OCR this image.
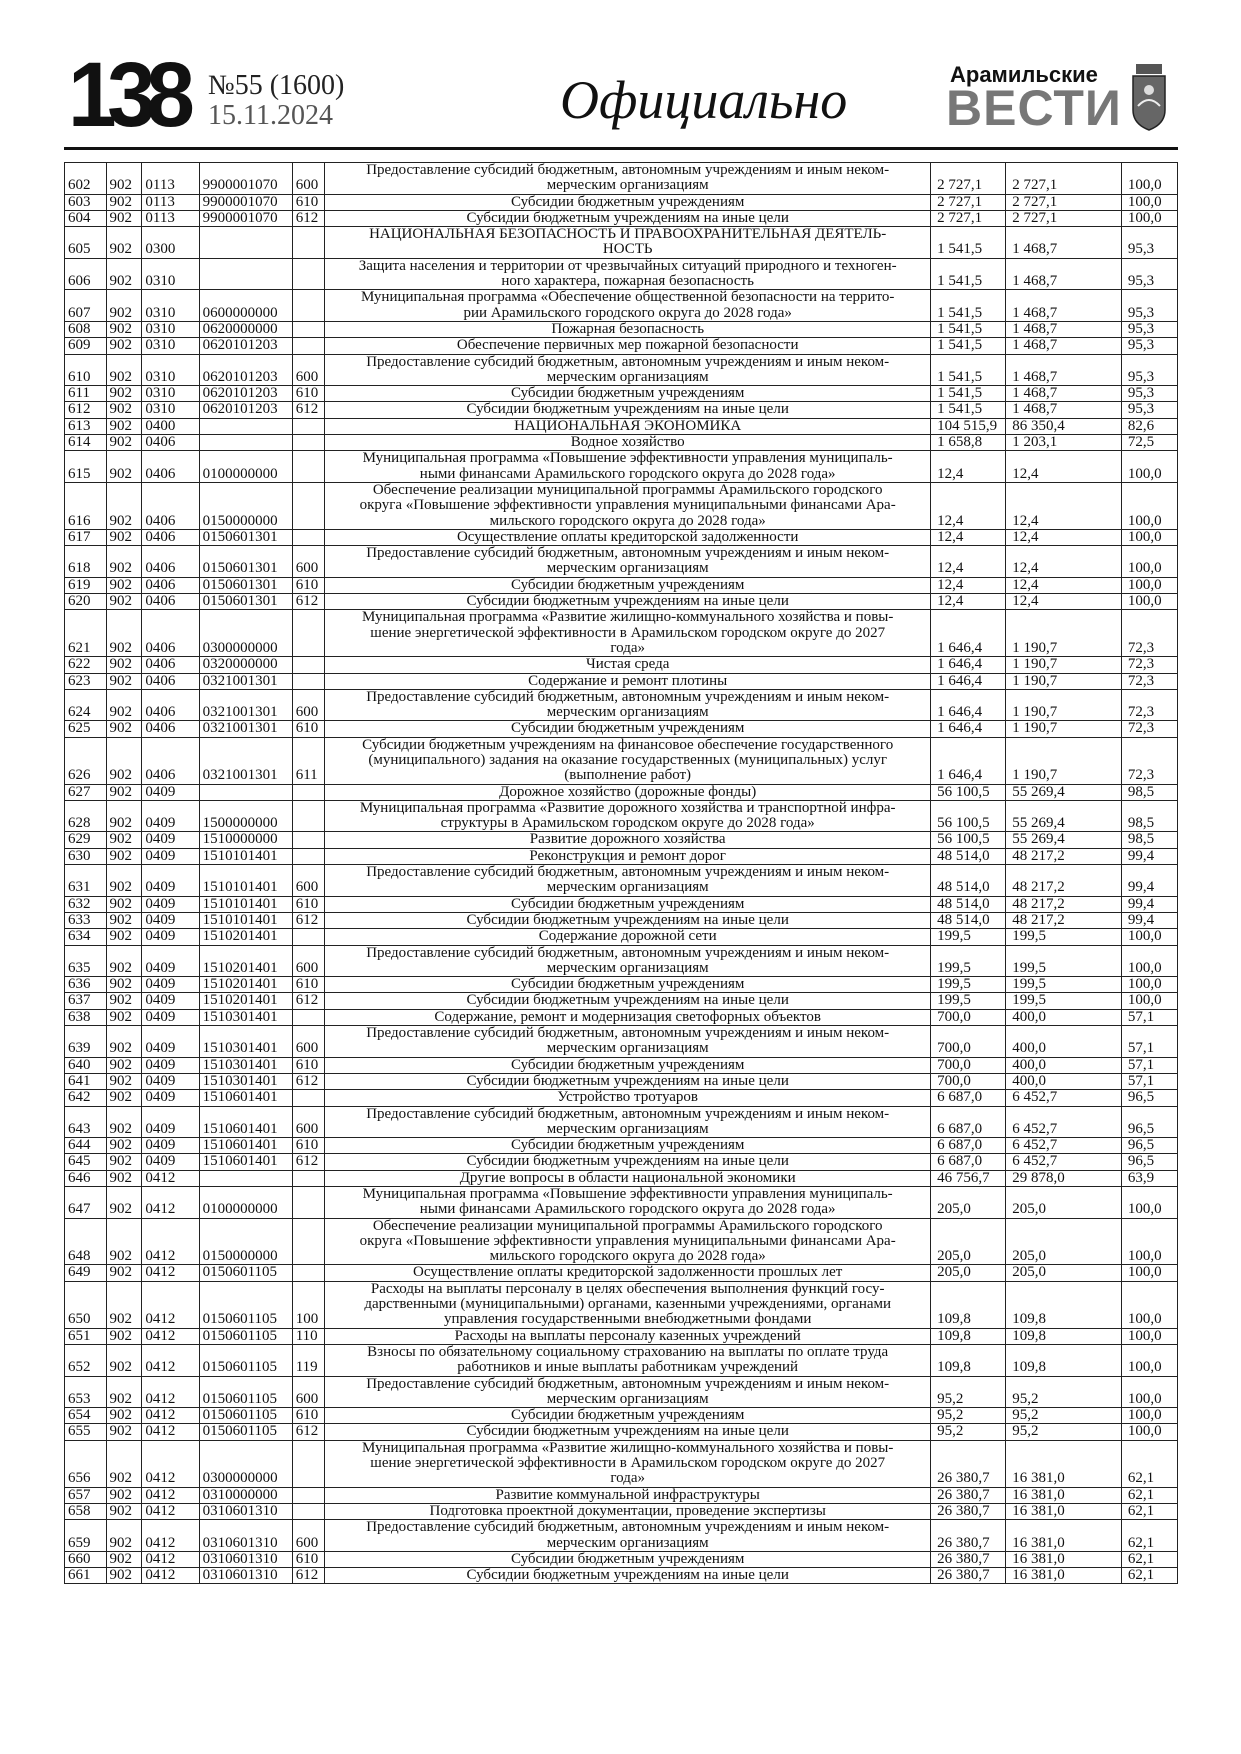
138 №55 (1600)
15.11.2024	Официально	Арамильские
ВЕСТИ
602	902	0113	9900001070	600	Предоставление субсидий бюджетным, автономным учреждениям и иным неком-
мерческим организациям	2 727,1	2 727,1	100,0
603	902	0113	9900001070	610	Субсидии бюджетным учреждениям	2 727,1	2 727,1	100,0
604	902	0113	9900001070	612	Субсидии бюджетным учреждениям на иные цели	2 727,1	2 727,1	100,0
605	902	0300			НАЦИОНАЛЬНАЯ БЕЗОПАСНОСТЬ И ПРАВООХРАНИТЕЛЬНАЯ ДЕЯТЕЛЬ-
НОСТЬ	1 541,5	1 468,7	95,3
606	902	0310			Защита населения и территории от чрезвычайных ситуаций природного и техноген-
ного характера, пожарная безопасность	1 541,5	1 468,7	95,3
607	902	0310	0600000000		Муниципальная программа «Обеспечение общественной безопасности на террито-
рии Арамильского городского округа до 2028 года»	1 541,5	1 468,7	95,3
608	902	0310	0620000000		Пожарная безопасность	1 541,5	1 468,7	95,3
609	902	0310	0620101203		Обеспечение первичных мер пожарной безопасности	1 541,5	1 468,7	95,3
610	902	0310	0620101203	600	Предоставление субсидий бюджетным, автономным учреждениям и иным неком-
мерческим организациям	1 541,5	1 468,7	95,3
611	902	0310	0620101203	610	Субсидии бюджетным учреждениям	1 541,5	1 468,7	95,3
612	902	0310	0620101203	612	Субсидии бюджетным учреждениям на иные цели	1 541,5	1 468,7	95,3
613	902	0400			НАЦИОНАЛЬНАЯ ЭКОНОМИКА	104 515,9	86 350,4	82,6
614	902	0406			Водное хозяйство	1 658,8	1 203,1	72,5
615	902	0406	0100000000		Муниципальная программа «Повышение эффективности управления муниципаль-
ными финансами Арамильского городского округа до 2028 года»	12,4	12,4	100,0
616	902	0406	0150000000		Обеспечение реализации муниципальной программы Арамильского городского
округа «Повышение эффективности управления муниципальными финансами Ара-
мильского городского округа до 2028 года»	12,4	12,4	100,0
617	902	0406	0150601301		Осуществление оплаты кредиторской задолженности	12,4	12,4	100,0
618	902	0406	0150601301	600	Предоставление субсидий бюджетным, автономным учреждениям и иным неком-
мерческим организациям	12,4	12,4	100,0
619	902	0406	0150601301	610	Субсидии бюджетным учреждениям	12,4	12,4	100,0
620	902	0406	0150601301	612	Субсидии бюджетным учреждениям на иные цели	12,4	12,4	100,0
621	902	0406	0300000000		Муниципальная программа «Развитие жилищно-коммунального хозяйства и повы-
шение энергетической эффективности в Арамильском городском округе до 2027
года»	1 646,4	1 190,7	72,3
622	902	0406	0320000000		Чистая среда	1 646,4	1 190,7	72,3
623	902	0406	0321001301		Содержание и ремонт плотины	1 646,4	1 190,7	72,3
624	902	0406	0321001301	600	Предоставление субсидий бюджетным, автономным учреждениям и иным неком-
мерческим организациям	1 646,4	1 190,7	72,3
625	902	0406	0321001301	610	Субсидии бюджетным учреждениям	1 646,4	1 190,7	72,3
626	902	0406	0321001301	611	Субсидии бюджетным учреждениям на финансовое обеспечение государственного
(муниципального) задания на оказание государственных (муниципальных) услуг
(выполнение работ)	1 646,4	1 190,7	72,3
627	902	0409			Дорожное хозяйство (дорожные фонды)	56 100,5	55 269,4	98,5
628	902	0409	1500000000		Муниципальная программа «Развитие дорожного хозяйства и транспортной инфра-
структуры в Арамильском городском округе до 2028 года»	56 100,5	55 269,4	98,5
629	902	0409	1510000000		Развитие дорожного хозяйства	56 100,5	55 269,4	98,5
630	902	0409	1510101401		Реконструкция и ремонт дорог	48 514,0	48 217,2	99,4
631	902	0409	1510101401	600	Предоставление субсидий бюджетным, автономным учреждениям и иным неком-
мерческим организациям	48 514,0	48 217,2	99,4
632	902	0409	1510101401	610	Субсидии бюджетным учреждениям	48 514,0	48 217,2	99,4
633	902	0409	1510101401	612	Субсидии бюджетным учреждениям на иные цели	48 514,0	48 217,2	99,4
634	902	0409	1510201401		Содержание дорожной сети	199,5	199,5	100,0
635	902	0409	1510201401	600	Предоставление субсидий бюджетным, автономным учреждениям и иным неком-
мерческим организациям	199,5	199,5	100,0
636	902	0409	1510201401	610	Субсидии бюджетным учреждениям	199,5	199,5	100,0
637	902	0409	1510201401	612	Субсидии бюджетным учреждениям на иные цели	199,5	199,5	100,0
638	902	0409	1510301401		Содержание, ремонт и модернизация светофорных объектов	700,0	400,0	57,1
639	902	0409	1510301401	600	Предоставление субсидий бюджетным, автономным учреждениям и иным неком-
мерческим организациям	700,0	400,0	57,1
640	902	0409	1510301401	610	Субсидии бюджетным учреждениям	700,0	400,0	57,1
641	902	0409	1510301401	612	Субсидии бюджетным учреждениям на иные цели	700,0	400,0	57,1
642	902	0409	1510601401		Устройство тротуаров	6 687,0	6 452,7	96,5
643	902	0409	1510601401	600	Предоставление субсидий бюджетным, автономным учреждениям и иным неком-
мерческим организациям	6 687,0	6 452,7	96,5
644	902	0409	1510601401	610	Субсидии бюджетным учреждениям	6 687,0	6 452,7	96,5
645	902	0409	1510601401	612	Субсидии бюджетным учреждениям на иные цели	6 687,0	6 452,7	96,5
646	902	0412			Другие вопросы в области национальной экономики	46 756,7	29 878,0	63,9
647	902	0412	0100000000		Муниципальная программа «Повышение эффективности управления муниципаль-
ными финансами Арамильского городского округа до 2028 года»	205,0	205,0	100,0
648	902	0412	0150000000		Обеспечение реализации муниципальной программы Арамильского городского
округа «Повышение эффективности управления муниципальными финансами Ара-
мильского городского округа до 2028 года»	205,0	205,0	100,0
649	902	0412	0150601105		Осуществление оплаты кредиторской задолженности прошлых лет	205,0	205,0	100,0
650	902	0412	0150601105	100	Расходы на выплаты персоналу в целях обеспечения выполнения функций госу-
дарственными (муниципальными) органами, казенными учреждениями, органами
управления государственными внебюджетными фондами	109,8	109,8	100,0
651	902	0412	0150601105	110	Расходы на выплаты персоналу казенных учреждений	109,8	109,8	100,0
652	902	0412	0150601105	119	Взносы по обязательному социальному страхованию на выплаты по оплате труда
работников и иные выплаты работникам учреждений	109,8	109,8	100,0
653	902	0412	0150601105	600	Предоставление субсидий бюджетным, автономным учреждениям и иным неком-
мерческим организациям	95,2	95,2	100,0
654	902	0412	0150601105	610	Субсидии бюджетным учреждениям	95,2	95,2	100,0
655	902	0412	0150601105	612	Субсидии бюджетным учреждениям на иные цели	95,2	95,2	100,0
656	902	0412	0300000000		Муниципальная программа «Развитие жилищно-коммунального хозяйства и повы-
шение энергетической эффективности в Арамильском городском округе до 2027
года»	26 380,7	16 381,0	62,1
657	902	0412	0310000000		Развитие коммунальной инфраструктуры	26 380,7	16 381,0	62,1
658	902	0412	0310601310		Подготовка проектной документации, проведение экспертизы	26 380,7	16 381,0	62,1
659	902	0412	0310601310	600	Предоставление субсидий бюджетным, автономным учреждениям и иным неком-
мерческим организациям	26 380,7	16 381,0	62,1
660	902	0412	0310601310	610	Субсидии бюджетным учреждениям	26 380,7	16 381,0	62,1
661	902	0412	0310601310	612	Субсидии бюджетным учреждениям на иные цели	26 380,7	16 381,0	62,1
